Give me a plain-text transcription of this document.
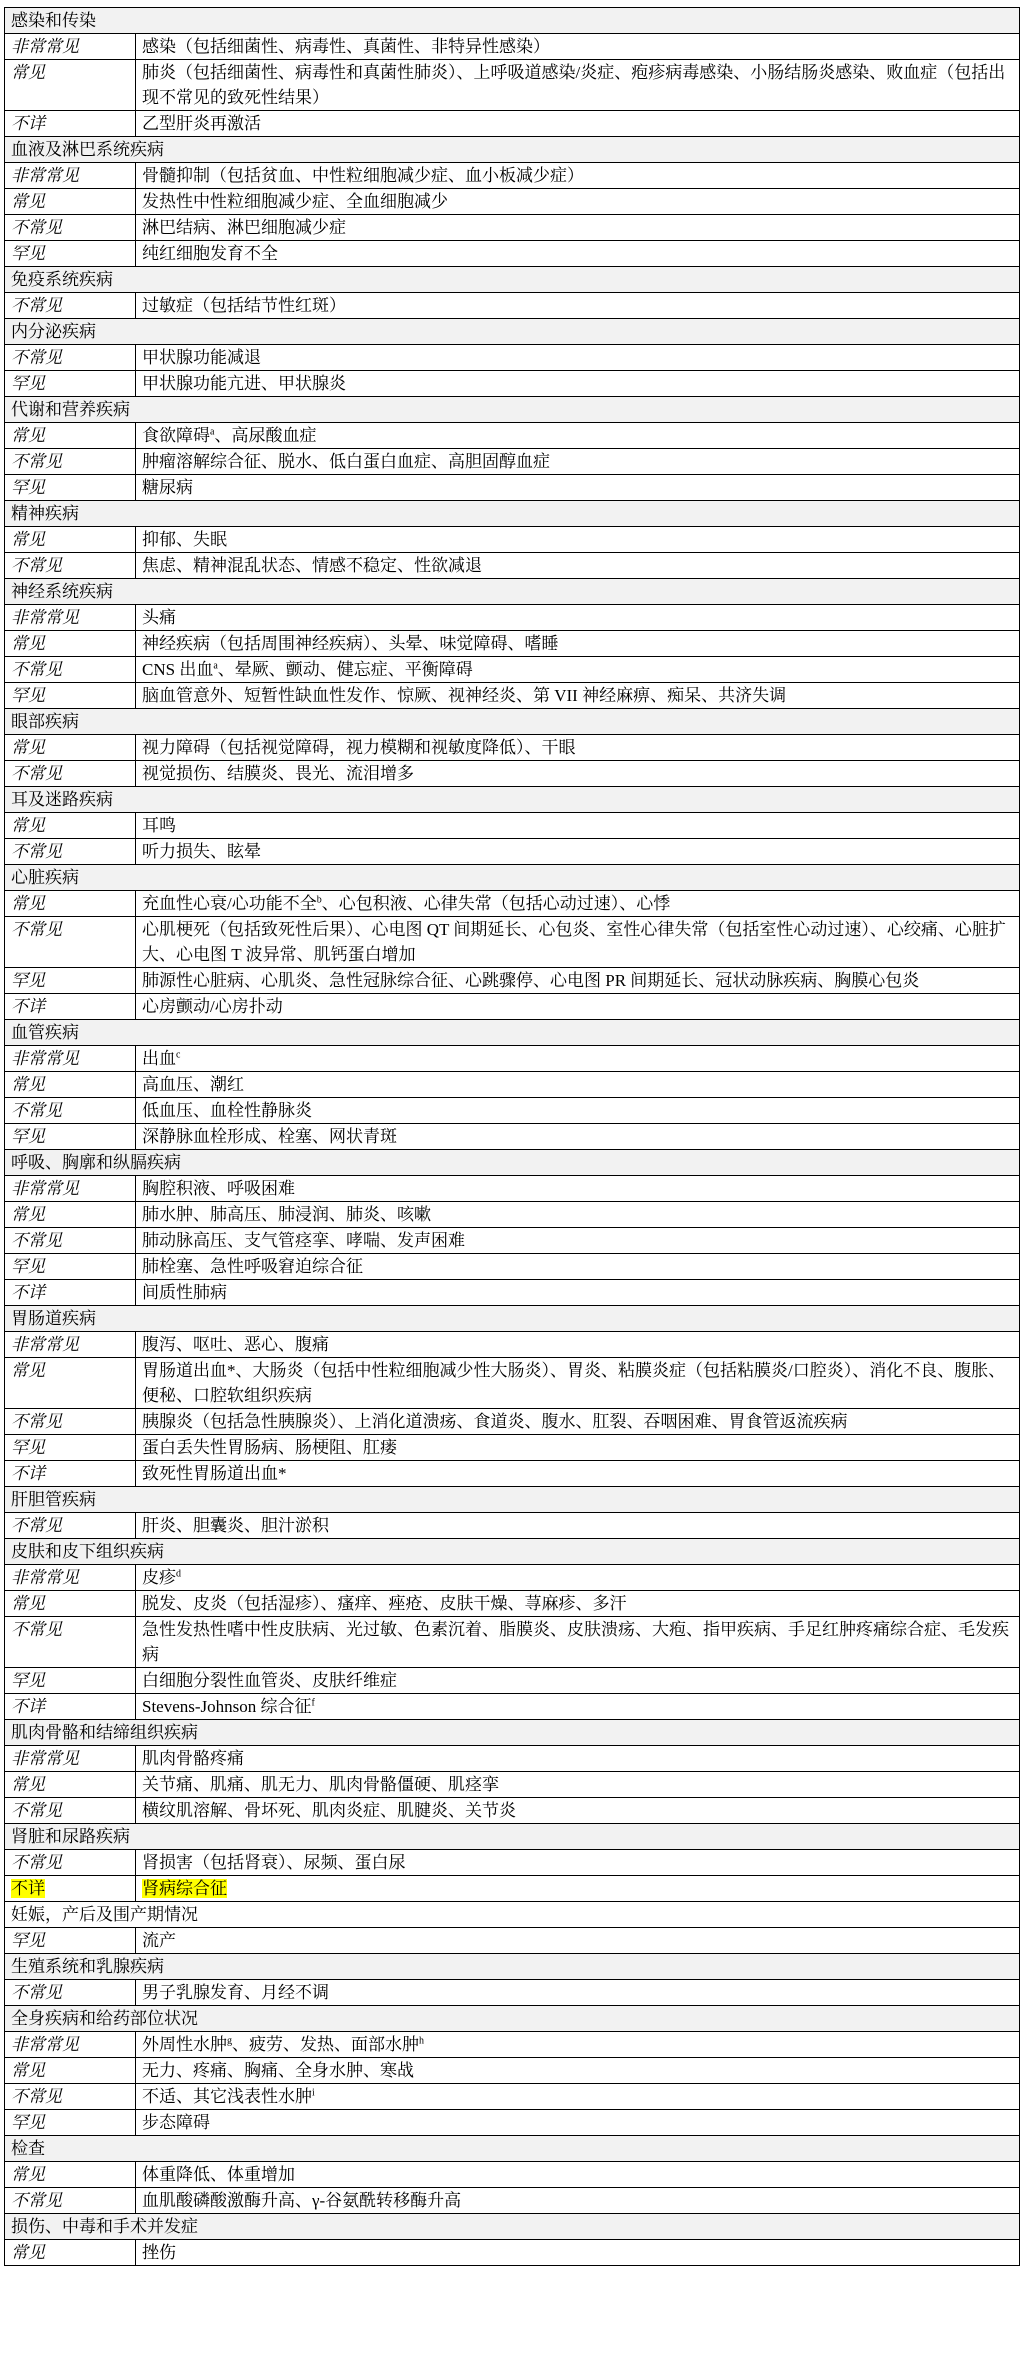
感染和传染	
非常常见	感染（包括细菌性、病毒性、真菌性、非特异性感染）
常见	肺炎（包括细菌性、病毒性和真菌性肺炎）、上呼吸道感染/炎症、疱疹病毒感染、小肠结肠炎感染、败血症（包括出现不常见的致死性结果）
不详	乙型肝炎再激活
血液及淋巴系统疾病	
非常常见	骨髓抑制（包括贫血、中性粒细胞减少症、血小板减少症）
常见	发热性中性粒细胞减少症、全血细胞减少
不常见	淋巴结病、淋巴细胞减少症
罕见	纯红细胞发育不全
免疫系统疾病	
不常见	过敏症（包括结节性红斑）
内分泌疾病	
不常见	甲状腺功能减退
罕见	甲状腺功能亢进、甲状腺炎
代谢和营养疾病	
常见	食欲障碍$^a$、高尿酸血症
不常见	肿瘤溶解综合征、脱水、低白蛋白血症、高胆固醇血症
罕见	糖尿病
精神疾病	
常见	抑郁、失眠
不常见	焦虑、精神混乱状态、情感不稳定、性欲减退
神经系统疾病	
非常常见	头痛
常见	神经疾病（包括周围神经疾病）、头晕、味觉障碍、嗜睡
不常见	CNS 出血$^a$、晕厥、颤动、健忘症、平衡障碍
罕见	脑血管意外、短暂性缺血性发作、惊厥、视神经炎、第 VII 神经麻痹、痴呆、共济失调
眼部疾病	
常见	视力障碍（包括视觉障碍，视力模糊和视敏度降低）、干眼
不常见	视觉损伤、结膜炎、畏光、流泪增多
耳及迷路疾病	
常见	耳鸣
不常见	听力损失、眩晕
心脏疾病	
常见	充血性心衰/心功能不全$^b$、心包积液、心律失常（包括心动过速）、心悸
不常见	心肌梗死（包括致死性后果）、心电图 QT 间期延长、心包炎、室性心律失常（包括室性心动过速）、心绞痛、心脏扩大、心电图 T 波异常、肌钙蛋白增加
罕见	肺源性心脏病、心肌炎、急性冠脉综合征、心跳骤停、心电图 PR 间期延长、冠状动脉疾病、胸膜心包炎
不详	心房颤动/心房扑动
血管疾病	
非常常见	出血$^c$
常见	高血压、潮红
不常见	低血压、血栓性静脉炎
罕见	深静脉血栓形成、栓塞、网状青斑
呼吸、胸廓和纵膈疾病	
非常常见	胸腔积液、呼吸困难
常见	肺水肿、肺高压、肺浸润、肺炎、咳嗽
不常见	肺动脉高压、支气管痉挛、哮喘、发声困难
罕见	肺栓塞、急性呼吸窘迫综合征
不详	间质性肺病
胃肠道疾病	
非常常见	腹泻、呕吐、恶心、腹痛
常见	胃肠道出血*、大肠炎（包括中性粒细胞减少性大肠炎）、胃炎、粘膜炎症（包括粘膜炎/口腔炎）、消化不良、腹胀、便秘、口腔软组织疾病
不常见	胰腺炎（包括急性胰腺炎）、上消化道溃疡、食道炎、腹水、肛裂、吞咽困难、胃食管返流疾病
罕见	蛋白丢失性胃肠病、肠梗阻、肛瘘
不详	致死性胃肠道出血*
肝胆管疾病	
不常见	肝炎、胆囊炎、胆汁淤积
皮肤和皮下组织疾病	
非常常见	皮疹$^d$
常见	脱发、皮炎（包括湿疹）、瘙痒、痤疮、皮肤干燥、荨麻疹、多汗
不常见	急性发热性嗜中性皮肤病、光过敏、色素沉着、脂膜炎、皮肤溃疡、大疱、指甲疾病、手足红肿疼痛综合症、毛发疾病
罕见	白细胞分裂性血管炎、皮肤纤维症
不详	Stevens-Johnson 综合征$^f$
肌肉骨骼和结缔组织疾病	
非常常见	肌肉骨骼疼痛
常见	关节痛、肌痛、肌无力、肌肉骨骼僵硬、肌痉挛
不常见	横纹肌溶解、骨坏死、肌肉炎症、肌腱炎、关节炎
肾脏和尿路疾病	
不常见	肾损害（包括肾衰）、尿频、蛋白尿
不详	肾病综合征
妊娠，产后及围产期情况	
罕见	流产
生殖系统和乳腺疾病	
不常见	男子乳腺发育、月经不调
全身疾病和给药部位状况	
非常常见	外周性水肿$^g$、疲劳、发热、面部水肿$^h$
常见	无力、疼痛、胸痛、全身水肿、寒战
不常见	不适、其它浅表性水肿$^i$
罕见	步态障碍
检查	
常见	体重降低、体重增加
不常见	血肌酸磷酸激酶升高、γ-谷氨酰转移酶升高
损伤、中毒和手术并发症	
常见	挫伤
